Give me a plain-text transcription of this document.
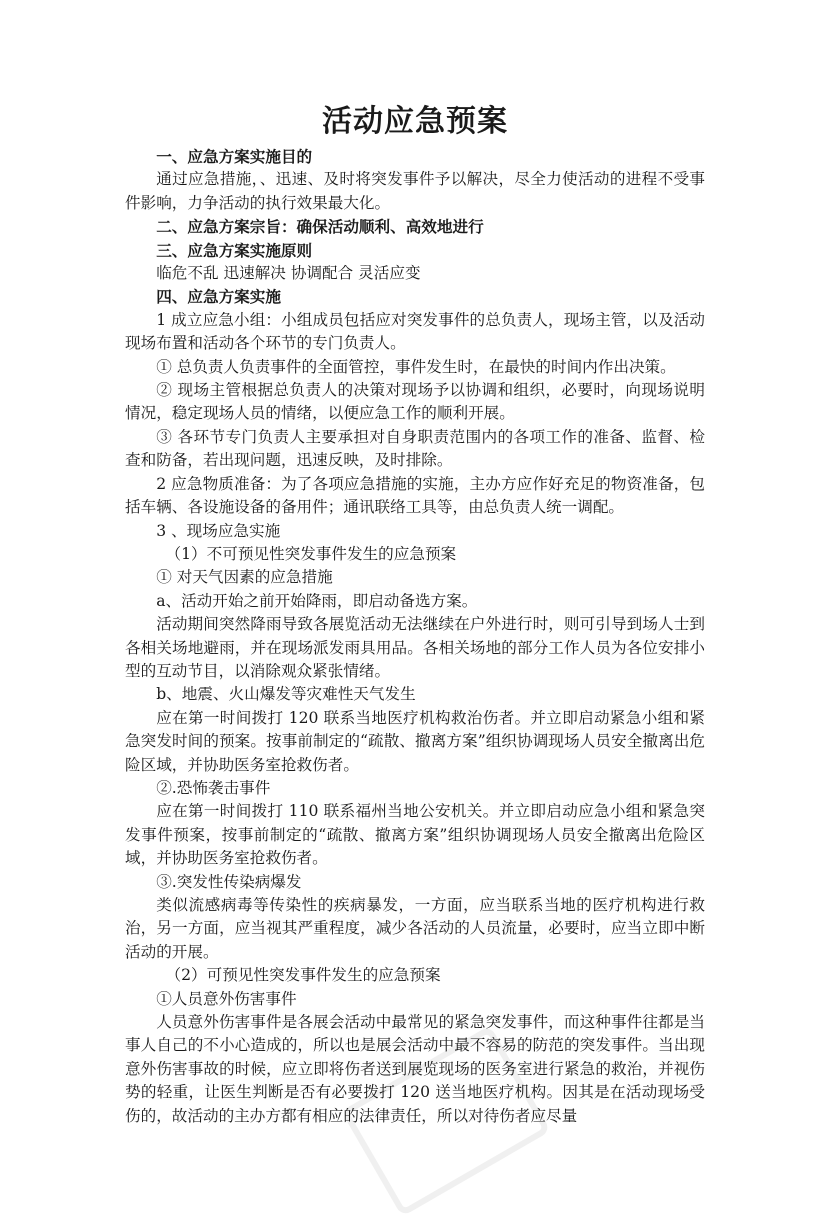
活动应急预案

一、应急方案实施目的

通过应急措施，、迅速、及时将突发事件予以解决，尽全力使活动的进程不受事件影响，力争活动的执行效果最大化。

二、应急方案宗旨：确保活动顺利、高效地进行

三、应急方案实施原则

临危不乱 迅速解决 协调配合 灵活应变

四、应急方案实施

1 成立应急小组：小组成员包括应对突发事件的总负责人，现场主管，以及活动现场布置和活动各个环节的专门负责人。

① 总负责人负责事件的全面管控，事件发生时，在最快的时间内作出决策。

② 现场主管根据总负责人的决策对现场予以协调和组织，必要时，向现场说明情况，稳定现场人员的情绪，以便应急工作的顺利开展。

③ 各环节专门负责人主要承担对自身职责范围内的各项工作的准备、监督、检查和防备，若出现问题，迅速反映，及时排除。

2 应急物质准备：为了各项应急措施的实施，主办方应作好充足的物资准备，包括车辆、各设施设备的备用件；通讯联络工具等，由总负责人统一调配。

3 、现场应急实施

（1）不可预见性突发事件发生的应急预案

① 对天气因素的应急措施

a、活动开始之前开始降雨，即启动备选方案。

活动期间突然降雨导致各展览活动无法继续在户外进行时，则可引导到场人士到各相关场地避雨，并在现场派发雨具用品。各相关场地的部分工作人员为各位安排小型的互动节目，以消除观众紧张情绪。

b、地震、火山爆发等灾难性天气发生

应在第一时间拨打 120 联系当地医疗机构救治伤者。并立即启动紧急小组和紧急突发时间的预案。按事前制定的“疏散、撤离方案”组织协调现场人员安全撤离出危险区域，并协助医务室抢救伤者。

②.恐怖袭击事件

应在第一时间拨打 110 联系福州当地公安机关。并立即启动应急小组和紧急突发事件预案，按事前制定的“疏散、撤离方案”组织协调现场人员安全撤离出危险区域，并协助医务室抢救伤者。

③.突发性传染病爆发

类似流感病毒等传染性的疾病暴发，一方面，应当联系当地的医疗机构进行救治，另一方面，应当视其严重程度，减少各活动的人员流量，必要时，应当立即中断活动的开展。

（2）可预见性突发事件发生的应急预案

①人员意外伤害事件

人员意外伤害事件是各展会活动中最常见的紧急突发事件，而这种事件往都是当事人自己的不小心造成的，所以也是展会活动中最不容易的防范的突发事件。当出现意外伤害事故的时候，应立即将伤者送到展览现场的医务室进行紧急的救治，并视伤势的轻重，让医生判断是否有必要拨打 120 送当地医疗机构。因其是在活动现场受伤的，故活动的主办方都有相应的法律责任，所以对待伤者应尽量
